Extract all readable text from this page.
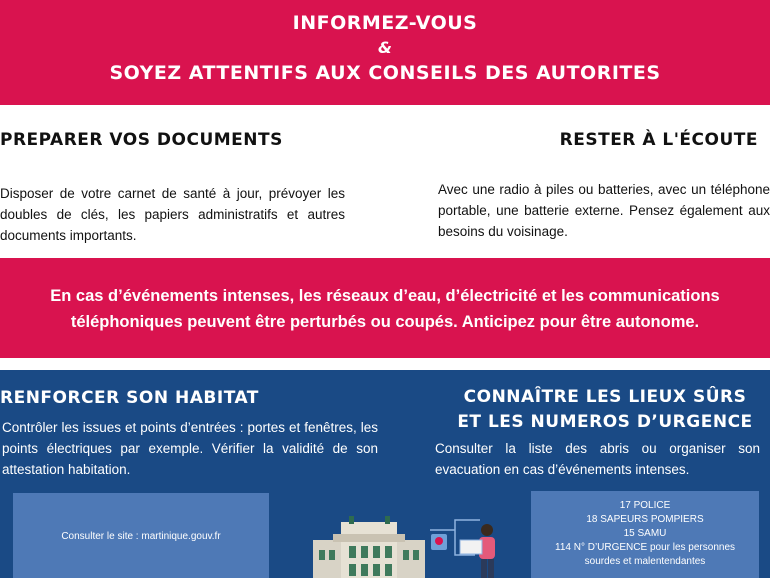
INFORMEZ-VOUS
&
SOYEZ ATTENTIFS AUX CONSEILS DES AUTORITES
PREPARER VOS DOCUMENTS	RESTER À L'ÉCOUTE
Disposer de votre carnet de santé à jour, prévoyer les doubles de clés, les papiers administratifs et autres documents importants.
Avec une radio à piles ou batteries, avec un téléphone portable, une batterie externe. Pensez également aux besoins du voisinage.
En cas d’événements intenses, les réseaux d’eau, d’électricité et les communications téléphoniques peuvent être perturbés ou coupés. Anticipez pour être autonome.
RENFORCER SON HABITAT	CONNAÎTRE LES LIEUX SÛRS
ET LES NUMEROS D’URGENCE
Contrôler les issues et points d’entrées : portes et fenêtres, les points électriques par exemple. Vérifier la validité de son attestation habitation.
Consulter la liste des abris ou organiser son evacuation en cas d’événements intenses.
Consulter le site : martinique.gouv.fr
17 POLICE
18 SAPEURS POMPIERS
15 SAMU
114 N° D’URGENCE pour les personnes
sourdes et malentendantes
